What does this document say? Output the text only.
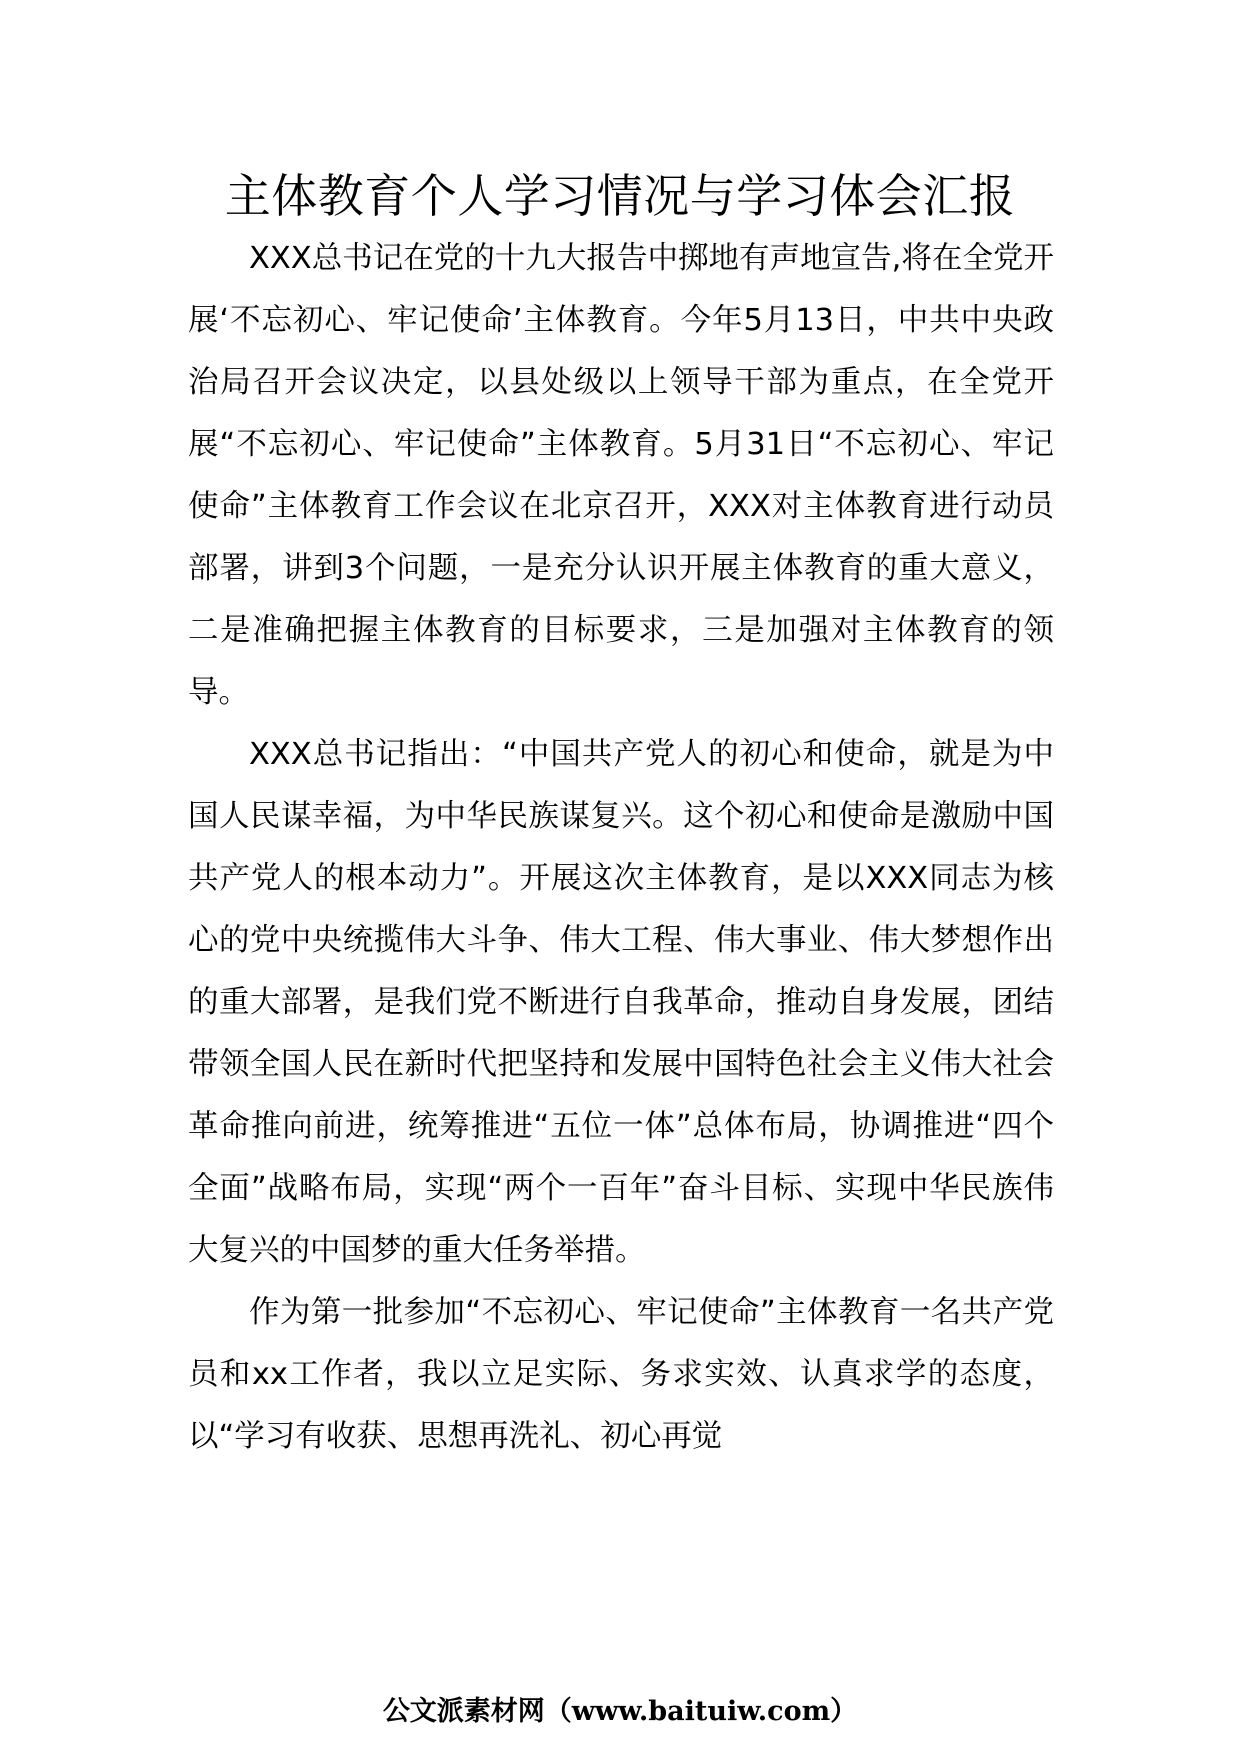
主体教育个人学习情况与学习体会汇报

XXX总书记在党的十九大报告中掷地有声地宣告,将在全党开展‘不忘初心、牢记使命’主体教育。今年5月13日，中共中央政治局召开会议决定，以县处级以上领导干部为重点，在全党开展“不忘初心、牢记使命”主体教育。5月31日“不忘初心、牢记使命”主体教育工作会议在北京召开，XXX对主体教育进行动员部署，讲到3个问题，一是充分认识开展主体教育的重大意义，二是准确把握主体教育的目标要求，三是加强对主体教育的领导。

XXX总书记指出：“中国共产党人的初心和使命，就是为中国人民谋幸福，为中华民族谋复兴。这个初心和使命是激励中国共产党人的根本动力”。开展这次主体教育，是以XXX同志为核心的党中央统揽伟大斗争、伟大工程、伟大事业、伟大梦想作出的重大部署，是我们党不断进行自我革命，推动自身发展，团结带领全国人民在新时代把坚持和发展中国特色社会主义伟大社会革命推向前进，统筹推进“五位一体”总体布局，协调推进“四个全面”战略布局，实现“两个一百年”奋斗目标、实现中华民族伟大复兴的中国梦的重大任务举措。

作为第一批参加“不忘初心、牢记使命”主体教育一名共产党员和xx工作者，我以立足实际、务求实效、认真求学的态度，以“学习有收获、思想再洗礼、初心再觉

公文派素材网（www.baituiw.com）
